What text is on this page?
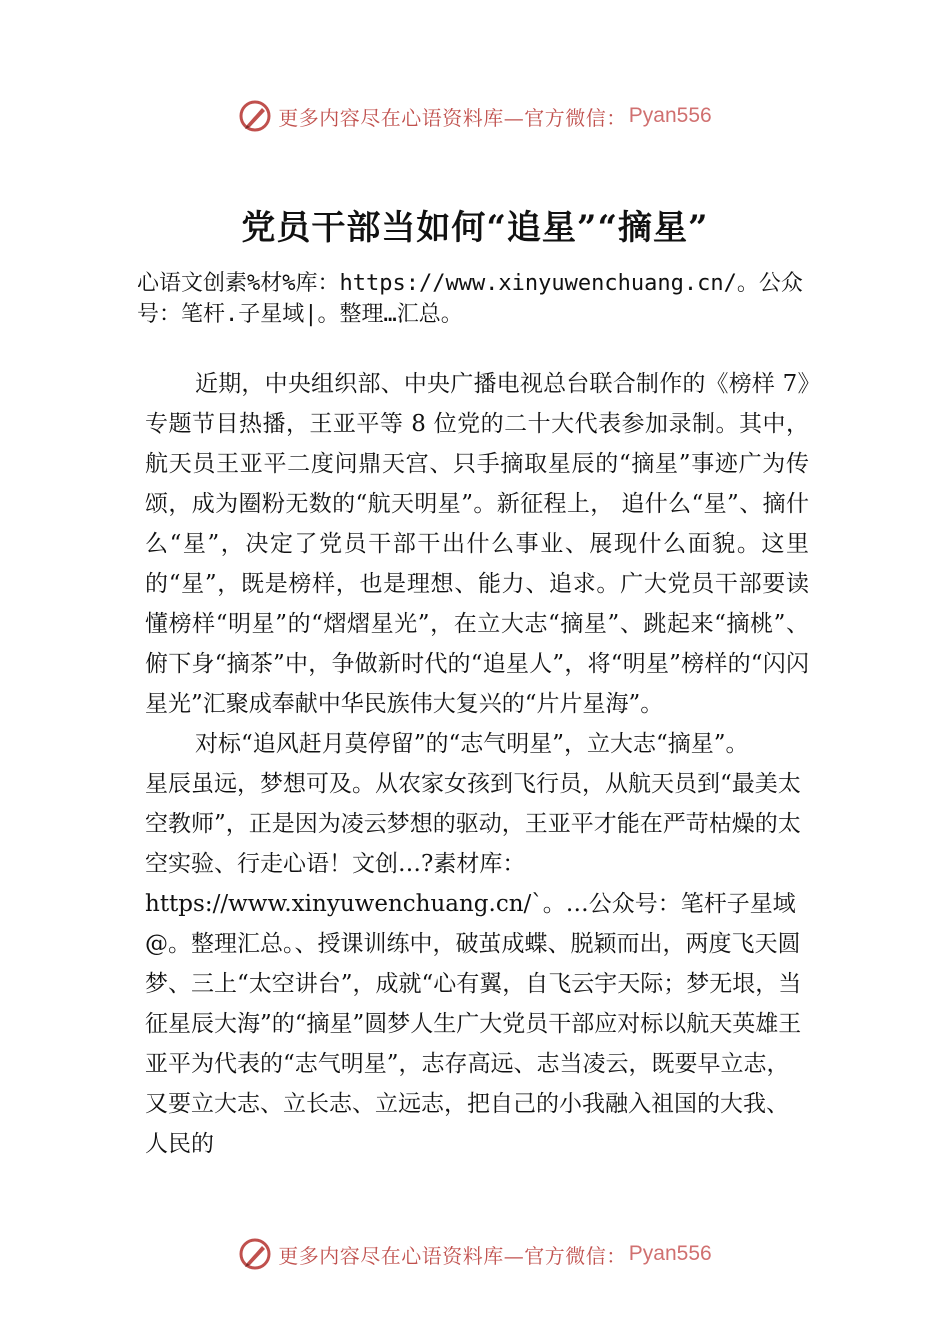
更多内容尽在心语资料库—官方微信： Pyan556
党员干部当如何“追星”“摘星”
心语文创素%材%库：https://www.xinyuwenchuang.cn/。公众
号：笔杆.子星域|。整理…汇总。

近期，中央组织部、中央广播电视总台联合制作的《榜样 7》专题节目热播，王亚平等 8 位党的二十大代表参加录制。其中，航天员王亚平二度问鼎天宫、只手摘取星辰的“摘星”事迹广为传颂，成为圈粉无数的“航天明星”。新征程上， 追什么“星”、摘什么“星”，决定了党员干部干出什么事业、展现什么面貌。这里的“星”，既是榜样，也是理想、能力、追求。广大党员干部要读懂榜样“明星”的“熠熠星光”，在立大志“摘星”、跳起来“摘桃”、俯下身“摘茶”中，争做新时代的“追星人”，将“明星”榜样的“闪闪星光”汇聚成奉献中华民族伟大复兴的“片片星海”。

对标“追风赶月莫停留”的“志气明星”，立大志“摘星”。

星辰虽远，梦想可及。从农家女孩到飞行员，从航天员到“最美太空教师”，正是因为凌云梦想的驱动，王亚平才能在严苛枯燥的太空实验、行走心语！文创…?素材库：https://www.xinyuwenchuang.cn/`。…公众号：笔杆子星域@。整理汇总。、授课训练中，破茧成蝶、脱颖而出，两度飞天圆梦、三上“太空讲台”，成就“心有翼，自飞云宇天际；梦无垠，当征星辰大海”的“摘星”圆梦人生广大党员干部应对标以航天英雄王亚平为代表的“志气明星”，志存高远、志当凌云，既要早立志，又要立大志、立长志、立远志，把自己的小我融入祖国的大我、人民的

更多内容尽在心语资料库—官方微信： Pyan556
